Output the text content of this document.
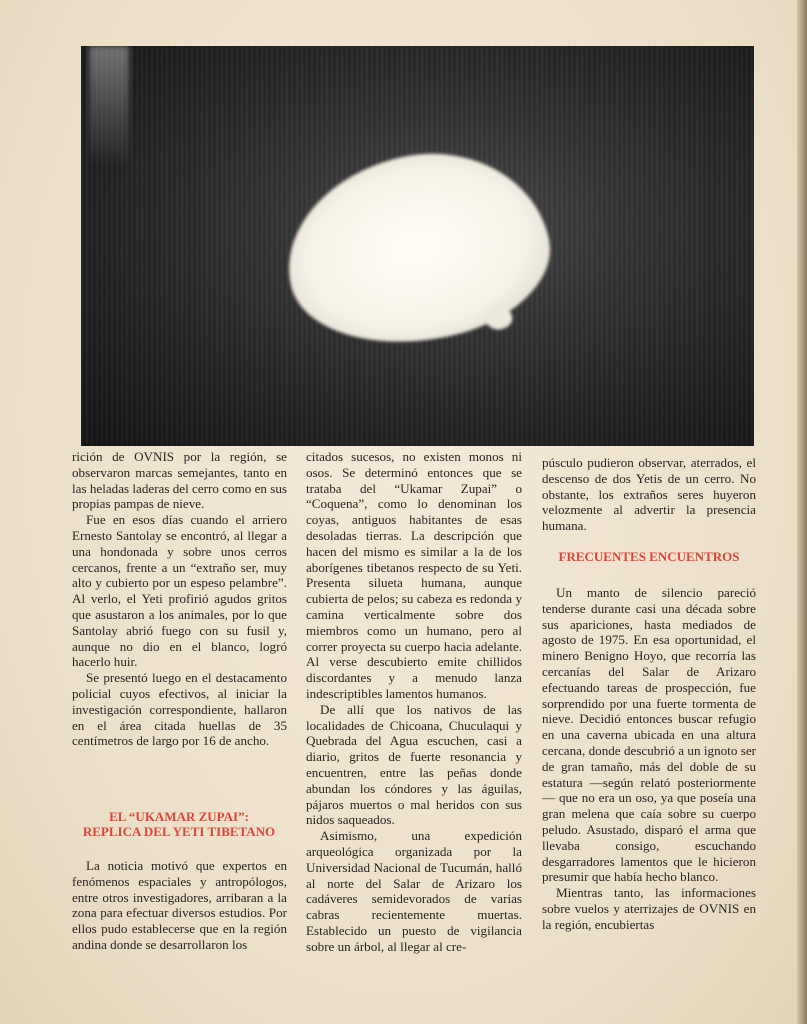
rición de OVNIS por la región, se observaron marcas semejantes, tanto en las heladas laderas del cerro como en sus propias pampas de nieve.

Fue en esos días cuando el arriero Ernesto Santolay se encontró, al llegar a una hondonada y sobre unos cerros cercanos, frente a un “extraño ser, muy alto y cubierto por un espeso pelambre”. Al verlo, el Yeti profirió agudos gritos que asustaron a los animales, por lo que Santolay abrió fuego con su fusil y, aunque no dio en el blanco, logró hacerlo huir.

Se presentó luego en el destacamento policial cuyos efectivos, al iniciar la investigación correspondiente, hallaron en el área citada huellas de 35 centímetros de largo por 16 de ancho.

EL “UKAMAR ZUPAI”:

REPLICA DEL YETI TIBETANO

La noticia motivó que expertos en fenómenos espaciales y antropólogos, entre otros investigadores, arribaran a la zona para efectuar diversos estudios. Por ellos pudo establecerse que en la región andina donde se desarrollaron los

citados sucesos, no existen monos ni osos. Se determinó entonces que se trataba del “Ukamar Zupai” o “Coquena”, como lo denominan los coyas, antiguos habitantes de esas desoladas tierras. La descripción que hacen del mismo es similar a la de los aborígenes tibetanos respecto de su Yeti. Presenta silueta humana, aunque cubierta de pelos; su cabeza es redonda y camina verticalmente sobre dos miembros como un humano, pero al correr proyecta su cuerpo hacia adelante. Al verse descubierto emite chillidos discordantes y a menudo lanza indescriptibles lamentos humanos.

De allí que los nativos de las localidades de Chicoana, Chuculaqui y Quebrada del Agua escuchen, casi a diario, gritos de fuerte resonancia y encuentren, entre las peñas donde abundan los cóndores y las águilas, pájaros muertos o mal heridos con sus nidos saqueados.

Asimismo, una expedición arqueológica organizada por la Universidad Nacional de Tucumán, halló al norte del Salar de Arizaro los cadáveres semidevorados de varias cabras recientemente muertas. Establecido un puesto de vigilancia sobre un árbol, al llegar al cre-

púsculo pudieron observar, aterrados, el descenso de dos Yetis de un cerro. No obstante, los extraños seres huyeron velozmente al advertir la presencia humana.

FRECUENTES ENCUENTROS

Un manto de silencio pareció tenderse durante casi una década sobre sus apariciones, hasta mediados de agosto de 1975. En esa oportunidad, el minero Benigno Hoyo, que recorría las cercanías del Salar de Arizaro efectuando tareas de prospección, fue sorprendido por una fuerte tormenta de nieve. Decidió entonces buscar refugio en una caverna ubicada en una altura cercana, donde descubrió a un ignoto ser de gran tamaño, más del doble de su estatura —según relató posteriormente— que no era un oso, ya que poseía una gran melena que caía sobre su cuerpo peludo. Asustado, disparó el arma que llevaba consigo, escuchando desgarradores lamentos que le hicieron presumir que había hecho blanco.

Mientras tanto, las informaciones sobre vuelos y aterrizajes de OVNIS en la región, encubiertas
